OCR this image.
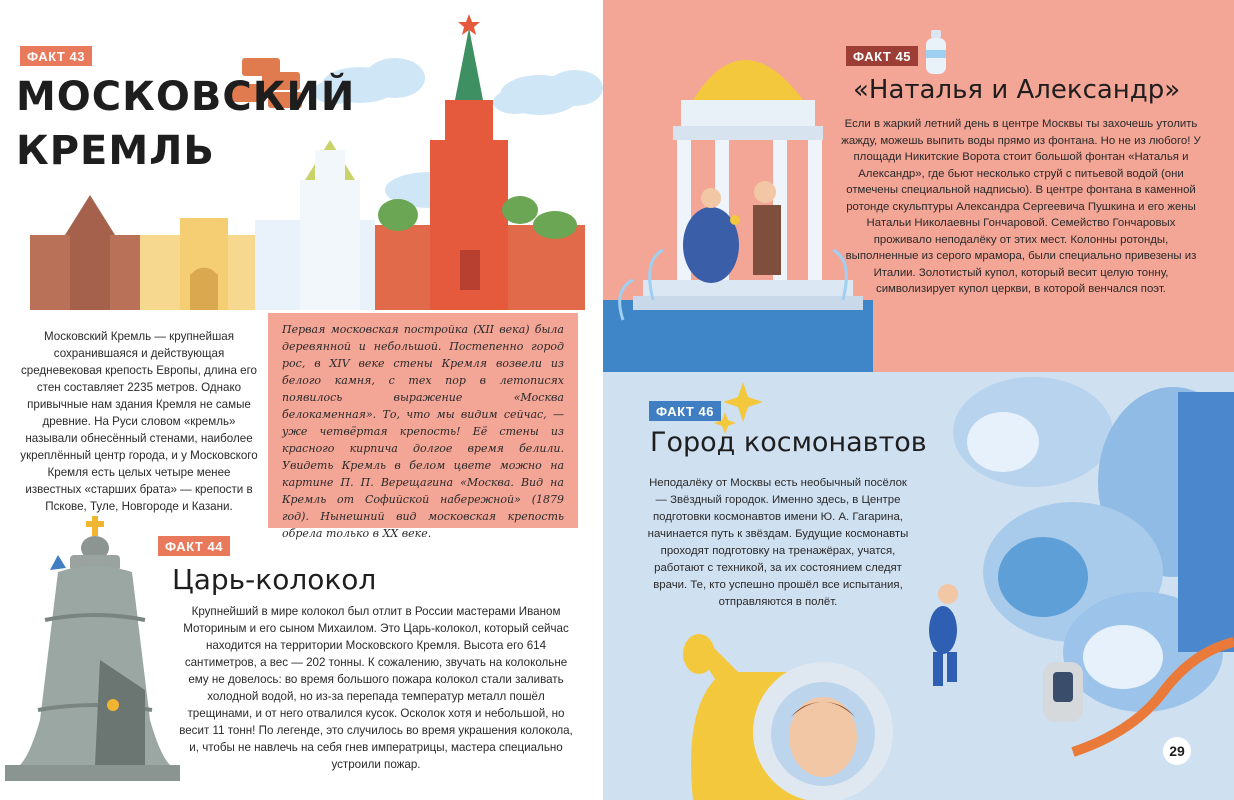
ФАКТ 43
МОСКОВСКИЙ
КРЕМЛЬ

Московский Кремль — крупнейшая сохранившаяся и действующая средневековая крепость Европы, длина его стен составляет 2235 метров. Однако привычные нам здания Кремля не самые древние. На Руси словом «кремль» называли обнесённый стенами, наиболее укреплённый центр города, и у Московского Кремля есть целых четыре менее известных «старших брата» — крепости в Пскове, Туле, Новгороде и Казани.

Первая московская постройка (XII века) была деревянной и небольшой. Постепенно город рос, в XIV веке стены Кремля возвели из белого камня, с тех пор в летописях появилось выражение «Москва белокаменная». То, что мы видим сейчас, — уже четвёртая крепость! Её стены из красного кирпича долгое время белили. Увидеть Кремль в белом цвете можно на картине П. П. Верещагина «Москва. Вид на Кремль от Софийской набережной» (1879 год). Нынешний вид московская крепость обрела только в XX веке.

ФАКТ 44
Царь-колокол

Крупнейший в мире колокол был отлит в России мастерами Иваном Моториным и его сыном Михаилом. Это Царь-колокол, который сейчас находится на территории Московского Кремля. Высота его 614 сантиметров, а вес — 202 тонны. К сожалению, звучать на колокольне ему не довелось: во время большого пожара колокол стали заливать холодной водой, но из-за перепада температур металл пошёл трещинами, и от него отвалился кусок. Осколок хотя и небольшой, но весит 11 тонн! По легенде, это случилось во время украшения колокола, и, чтобы не навлечь на себя гнев императрицы, мастера специально устроили пожар.

ФАКТ 45
«Наталья и Александр»

Если в жаркий летний день в центре Москвы ты захочешь утолить жажду, можешь выпить воды прямо из фонтана. Но не из любого! У площади Никитские Ворота стоит большой фонтан «Наталья и Александр», где бьют несколько струй с питьевой водой (они отмечены специальной надписью). В центре фонтана в каменной ротонде скульптуры Александра Сергеевича Пушкина и его жены Натальи Николаевны Гончаровой. Семейство Гончаровых проживало неподалёку от этих мест. Колонны ротонды, выполненные из серого мрамора, были специально привезены из Италии. Золотистый купол, который весит целую тонну, символизирует купол церкви, в которой венчался поэт.

ФАКТ 46
Город космонавтов

Неподалёку от Москвы есть необычный посёлок — Звёздный городок. Именно здесь, в Центре подготовки космонавтов имени Ю. А. Гагарина, начинается путь к звёздам. Будущие космонавты проходят подготовку на тренажёрах, учатся, работают с техникой, за их состоянием следят врачи. Те, кто успешно прошёл все испытания, отправляются в полёт.

29
